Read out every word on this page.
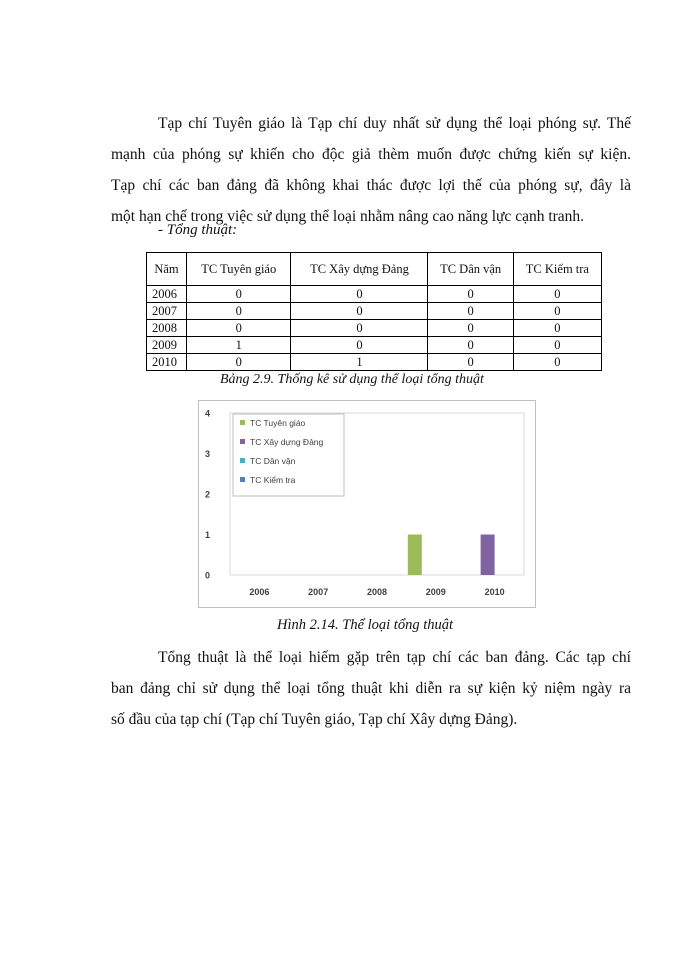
Tạp chí Tuyên giáo là Tạp chí duy nhất sử dụng thể loại phóng sự. Thế
mạnh của phóng sự khiến cho độc giả thèm muốn được chứng kiến sự kiện.
Tạp chí các ban đảng đã không khai thác được lợi thế của phóng sự, đây là
một hạn chế trong việc sử dụng thể loại nhằm nâng cao năng lực cạnh tranh.
- Tổng thuật:
Năm	TC Tuyên giáo	TC Xây dựng Đảng	TC Dân vận	TC Kiểm tra
2006	0	0	0	0
2007	0	0	0	0
2008	0	0	0	0
2009	1	0	0	0
2010	0	1	0	0
Bảng 2.9. Thống kê sử dụng thể loại tổng thuật
0
1
2
3
4
2006	2007	2008	2009	2010
TC Tuyên giáo
TC Xây dựng Đảng
TC Dân vận
TC Kiểm tra
Hình 2.14. Thể loại tổng thuật
Tổng thuật là thể loại hiếm gặp trên tạp chí các ban đảng. Các tạp chí
ban đảng chỉ sử dụng thể loại tổng thuật khi diễn ra sự kiện kỷ niệm ngày ra
số đầu của tạp chí (Tạp chí Tuyên giáo, Tạp chí Xây dựng Đảng).
